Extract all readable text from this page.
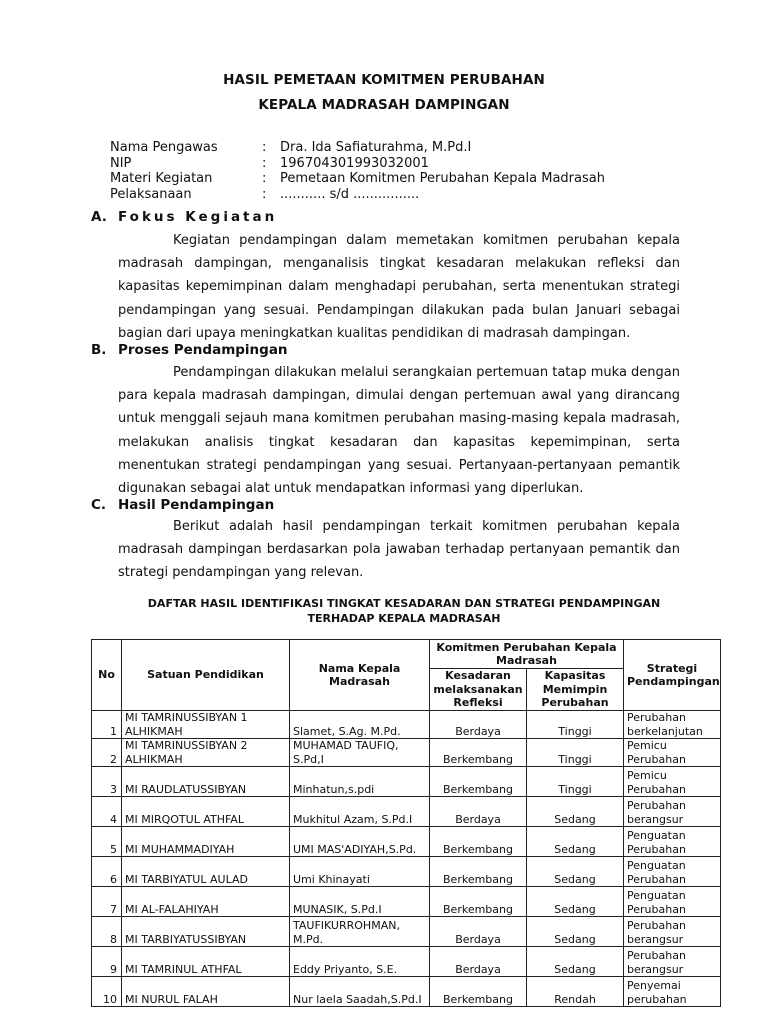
HASIL PEMETAAN KOMITMEN PERUBAHAN
KEPALA MADRASAH DAMPINGAN
Nama Pengawas	:	Dra. Ida Safiaturahma, M.Pd.I
NIP	:	196704301993032001
Materi Kegiatan	:	Pemetaan Komitmen Perubahan Kepala Madrasah
Pelaksanaan	:	........... s/d ................
A. Fokus Kegiatan
Kegiatan pendampingan dalam memetakan komitmen perubahan kepala madrasah dampingan, menganalisis tingkat kesadaran melakukan refleksi dan kapasitas kepemimpinan dalam menghadapi perubahan, serta menentukan strategi pendampingan yang sesuai. Pendampingan dilakukan pada bulan Januari sebagai bagian dari upaya meningkatkan kualitas pendidikan di madrasah dampingan.
B. Proses Pendampingan
Pendampingan dilakukan melalui serangkaian pertemuan tatap muka dengan para kepala madrasah dampingan, dimulai dengan pertemuan awal yang dirancang untuk menggali sejauh mana komitmen perubahan masing-masing kepala madrasah, melakukan analisis tingkat kesadaran dan kapasitas kepemimpinan, serta menentukan strategi pendampingan yang sesuai. Pertanyaan-pertanyaan pemantik digunakan sebagai alat untuk mendapatkan informasi yang diperlukan.
C. Hasil Pendampingan
Berikut adalah hasil pendampingan terkait komitmen perubahan kepala madrasah dampingan berdasarkan pola jawaban terhadap pertanyaan pemantik dan strategi pendampingan yang relevan.
DAFTAR HASIL IDENTIFIKASI TINGKAT KESADARAN DAN STRATEGI PENDAMPINGAN
TERHADAP KEPALA MADRASAH
No	Satuan Pendidikan	Nama Kepala Madrasah	Komitmen Perubahan Kepala Madrasah		Strategi Pendampingan
			Kesadaran melaksanakan Refleksi	Kapasitas Memimpin Perubahan	
1	MI TAMRINUSSIBYAN 1 ALHIKMAH	Slamet, S.Ag. M.Pd.	Berdaya	Tinggi	Perubahan berkelanjutan
2	MI TAMRINUSSIBYAN 2 ALHIKMAH	MUHAMAD TAUFIQ, S.Pd,I	Berkembang	Tinggi	Pemicu Perubahan
3	MI RAUDLATUSSIBYAN	Minhatun,s.pdi	Berkembang	Tinggi	Pemicu Perubahan
4	MI MIRQOTUL ATHFAL	Mukhitul Azam, S.Pd.I	Berdaya	Sedang	Perubahan berangsur
5	MI MUHAMMADIYAH	UMI MAS'ADIYAH,S.Pd.	Berkembang	Sedang	Penguatan Perubahan
6	MI TARBIYATUL AULAD	Umi Khinayati	Berkembang	Sedang	Penguatan Perubahan
7	MI AL-FALAHIYAH	MUNASIK, S.Pd.I	Berkembang	Sedang	Penguatan Perubahan
8	MI TARBIYATUSSIBYAN	TAUFIKURROHMAN, M.Pd.	Berdaya	Sedang	Perubahan berangsur
9	MI TAMRINUL ATHFAL	Eddy Priyanto, S.E.	Berdaya	Sedang	Perubahan berangsur
10	MI NURUL FALAH	Nur laela Saadah,S.Pd.I	Berkembang	Rendah	Penyemai perubahan
